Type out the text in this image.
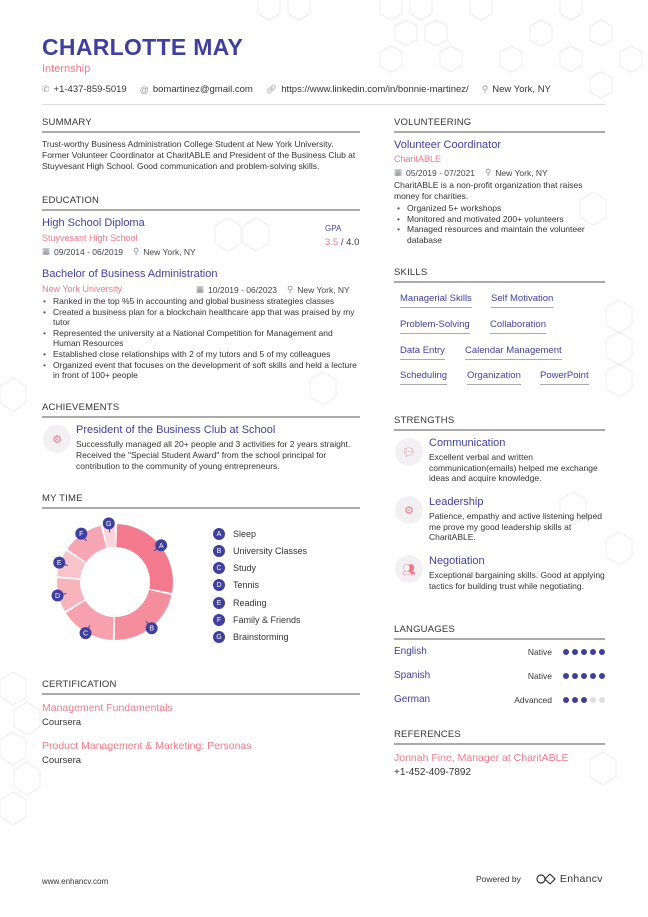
CHARLOTTE MAY
Internship
✆ +1-437-859-5019 @ bomartinez@gmail.com 🔗︎ https://www.linkedin.com/in/bonnie-martinez/ ⚲ New York, NY
SUMMARY
Trust-worthy Business Administration College Student at New York University. Former Volunteer Coordinator at CharitABLE and President of the Business Club at Stuyvesant High School. Good communication and problem-solving skills.
EDUCATION
High School Diploma
Stuyvesant High School
▦ 09/2014 - 06/2019 ⚲ New York, NY
GPA
3.5 / 4.0
Bachelor of Business Administration
New York University	▦ 10/2019 - 06/2023 ⚲ New York, NY
• Ranked in the top %5 in accounting and global business strategies classes
• Created a business plan for a blockchain healthcare app that was praised by my tutor
• Represented the university at a National Competition for Management and Human Resources
• Established close relationships with 2 of my tutors and 5 of my colleagues
• Organized event that focuses on the development of soft skills and held a lecture in front of 100+ people
ACHIEVEMENTS
⚙
President of the Business Club at School
Successfully managed all 20+ people and 3 activities for 2 years straight. Received the "Special Student Award" from the school principal for contribution to the community of young entrepreneurs.
MY TIME
A
B
C
D
E
F
G
A	Sleep
B	University Classes
C	Study
D	Tennis
E	Reading
F	Family & Friends
G	Brainstorming
CERTIFICATION
Management Fundamentals
Coursera
Product Management & Marketing: Personas
Coursera
VOLUNTEERING
Volunteer Coordinator
CharitABLE
▦ 05/2019 - 07/2021 ⚲ New York, NY
CharitABLE is a non-profit organization that raises money for charities.
• Organized 5+ workshops
• Monitored and motivated 200+ volunteers
• Managed resources and maintain the volunteer database
SKILLS
Managerial Skills Self Motivation
Problem-Solving Collaboration
Data Entry Calendar Management
Scheduling Organization PowerPoint
STRENGTHS
💬︎
Communication
Excellent verbal and written communication(emails) helped me exchange ideas and acquire knowledge.
⚙
Leadership
Patience, empathy and active listening helped me prove my good leadership skills at CharitABLE.
👥︎
Negotiation
Exceptional bargaining skills. Good at applying tactics for building trust while negotiating.
LANGUAGES
English	Native
Spanish	Native
German	Advanced
REFERENCES
Jonnah Fine, Manager at CharitABLE
+1-452-409-7892
www.enhancv.com	Powered by	Enhancv
